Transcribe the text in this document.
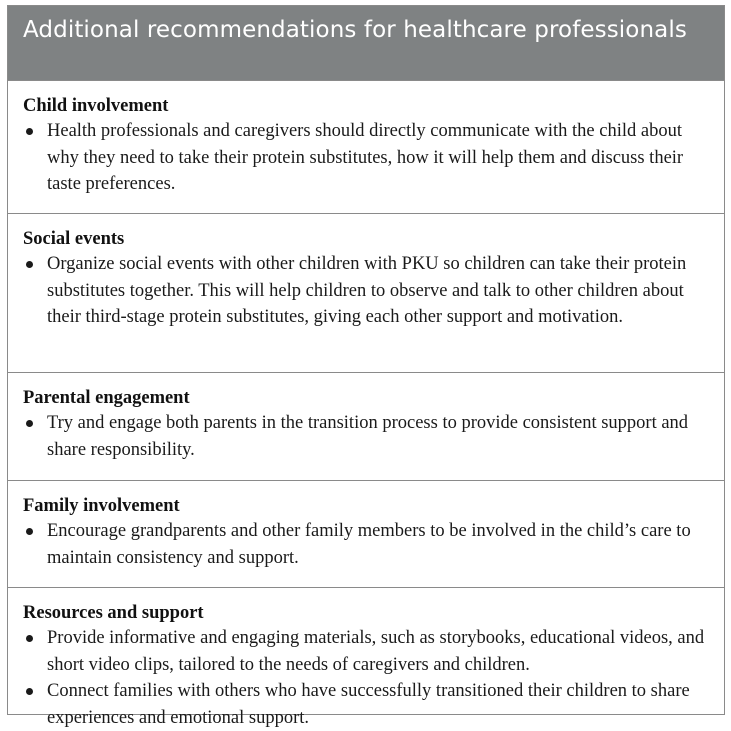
Additional recommendations for healthcare professionals
Child involvement
Health professionals and caregivers should directly communicate with the child about why they need to take their protein substitutes, how it will help them and discuss their taste preferences.
Social events
Organize social events with other children with PKU so children can take their protein substitutes together. This will help children to observe and talk to other children about their third-stage protein substitutes, giving each other support and motivation.
Parental engagement
Try and engage both parents in the transition process to provide consistent support and share responsibility.
Family involvement
Encourage grandparents and other family members to be involved in the child’s care to maintain consistency and support.
Resources and support
Provide informative and engaging materials, such as storybooks, educational videos, and short video clips, tailored to the needs of caregivers and children.
Connect families with others who have successfully transitioned their children to share experiences and emotional support.
